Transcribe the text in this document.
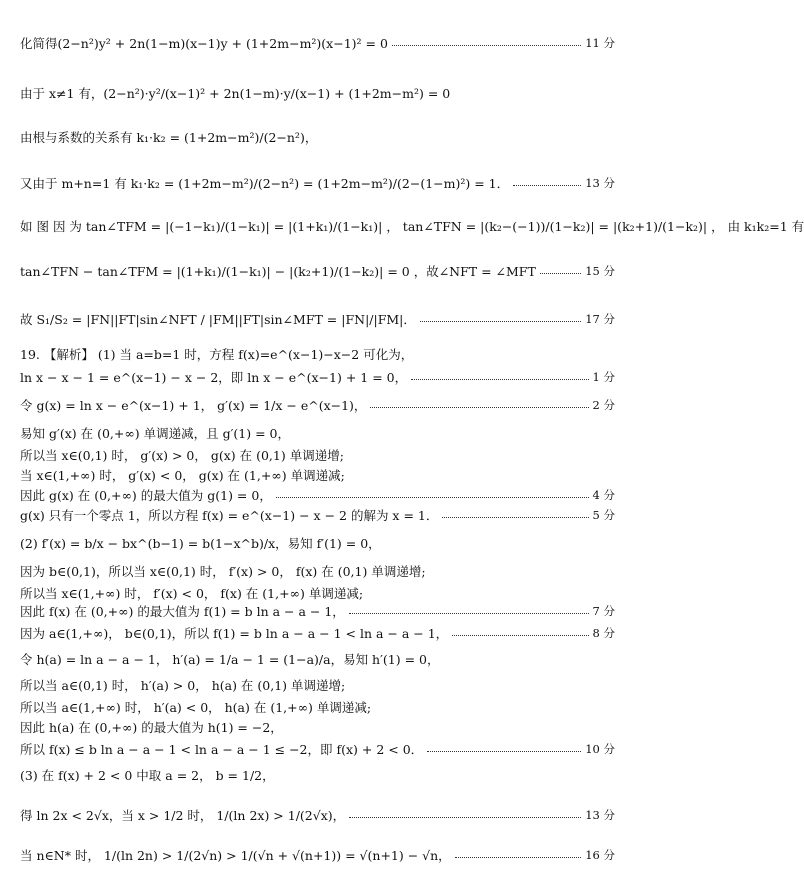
化简得(2−n²)y² + 2n(1−m)(x−1)y + (1+2m−m²)(x−1)² = 0	11 分
由于 x≠1 有，(2−n²)·y²/(x−1)² + 2n(1−m)·y/(x−1) + (1+2m−m²) = 0
由根与系数的关系有 k₁·k₂ = (1+2m−m²)/(2−n²)，
又由于 m+n=1 有 k₁·k₂ = (1+2m−m²)/(2−n²) = (1+2m−m²)/(2−(1−m)²) = 1．	13 分
如 图 因 为 tan∠TFM = |(−1−k₁)/(1−k₁)| = |(1+k₁)/(1−k₁)| ， tan∠TFN = |(k₂−(−1))/(1−k₂)| = |(k₂+1)/(1−k₂)| ， 由 k₁k₂=1 有
tan∠TFN − tan∠TFM = |(1+k₁)/(1−k₁)| − |(k₂+1)/(1−k₂)| = 0 ，故∠NFT = ∠MFT	15 分
故 S₁/S₂ = |FN||FT|sin∠NFT / |FM||FT|sin∠MFT = |FN|/|FM|．	17 分
19. 【解析】 (1) 当 a=b=1 时，方程 f(x)=e^(x−1)−x−2 可化为，
ln x − x − 1 = e^(x−1) − x − 2，即 ln x − e^(x−1) + 1 = 0，	1 分
令 g(x) = ln x − e^(x−1) + 1， g′(x) = 1/x − e^(x−1)，	2 分
易知 g′(x) 在 (0,+∞) 单调递减，且 g′(1) = 0，
所以当 x∈(0,1) 时， g′(x) > 0， g(x) 在 (0,1) 单调递增;
当 x∈(1,+∞) 时， g′(x) < 0， g(x) 在 (1,+∞) 单调递减;
因此 g(x) 在 (0,+∞) 的最大值为 g(1) = 0，	4 分
g(x) 只有一个零点 1，所以方程 f(x) = e^(x−1) − x − 2 的解为 x = 1．	5 分
(2) f′(x) = b/x − bx^(b−1) = b(1−x^b)/x，易知 f′(1) = 0，
因为 b∈(0,1)，所以当 x∈(0,1) 时， f′(x) > 0， f(x) 在 (0,1) 单调递增;
所以当 x∈(1,+∞) 时， f′(x) < 0， f(x) 在 (1,+∞) 单调递减;
因此 f(x) 在 (0,+∞) 的最大值为 f(1) = b ln a − a − 1，	7 分
因为 a∈(1,+∞)， b∈(0,1)，所以 f(1) = b ln a − a − 1 < ln a − a − 1，	8 分
令 h(a) = ln a − a − 1， h′(a) = 1/a − 1 = (1−a)/a，易知 h′(1) = 0，
所以当 a∈(0,1) 时， h′(a) > 0， h(a) 在 (0,1) 单调递增;
所以当 a∈(1,+∞) 时， h′(a) < 0， h(a) 在 (1,+∞) 单调递减;
因此 h(a) 在 (0,+∞) 的最大值为 h(1) = −2，
所以 f(x) ≤ b ln a − a − 1 < ln a − a − 1 ≤ −2，即 f(x) + 2 < 0．	10 分
(3) 在 f(x) + 2 < 0 中取 a = 2， b = 1/2，
得 ln 2x < 2√x，当 x > 1/2 时， 1/(ln 2x) > 1/(2√x)，	13 分
当 n∈N* 时， 1/(ln 2n) > 1/(2√n) > 1/(√n + √(n+1)) = √(n+1) − √n，	16 分
